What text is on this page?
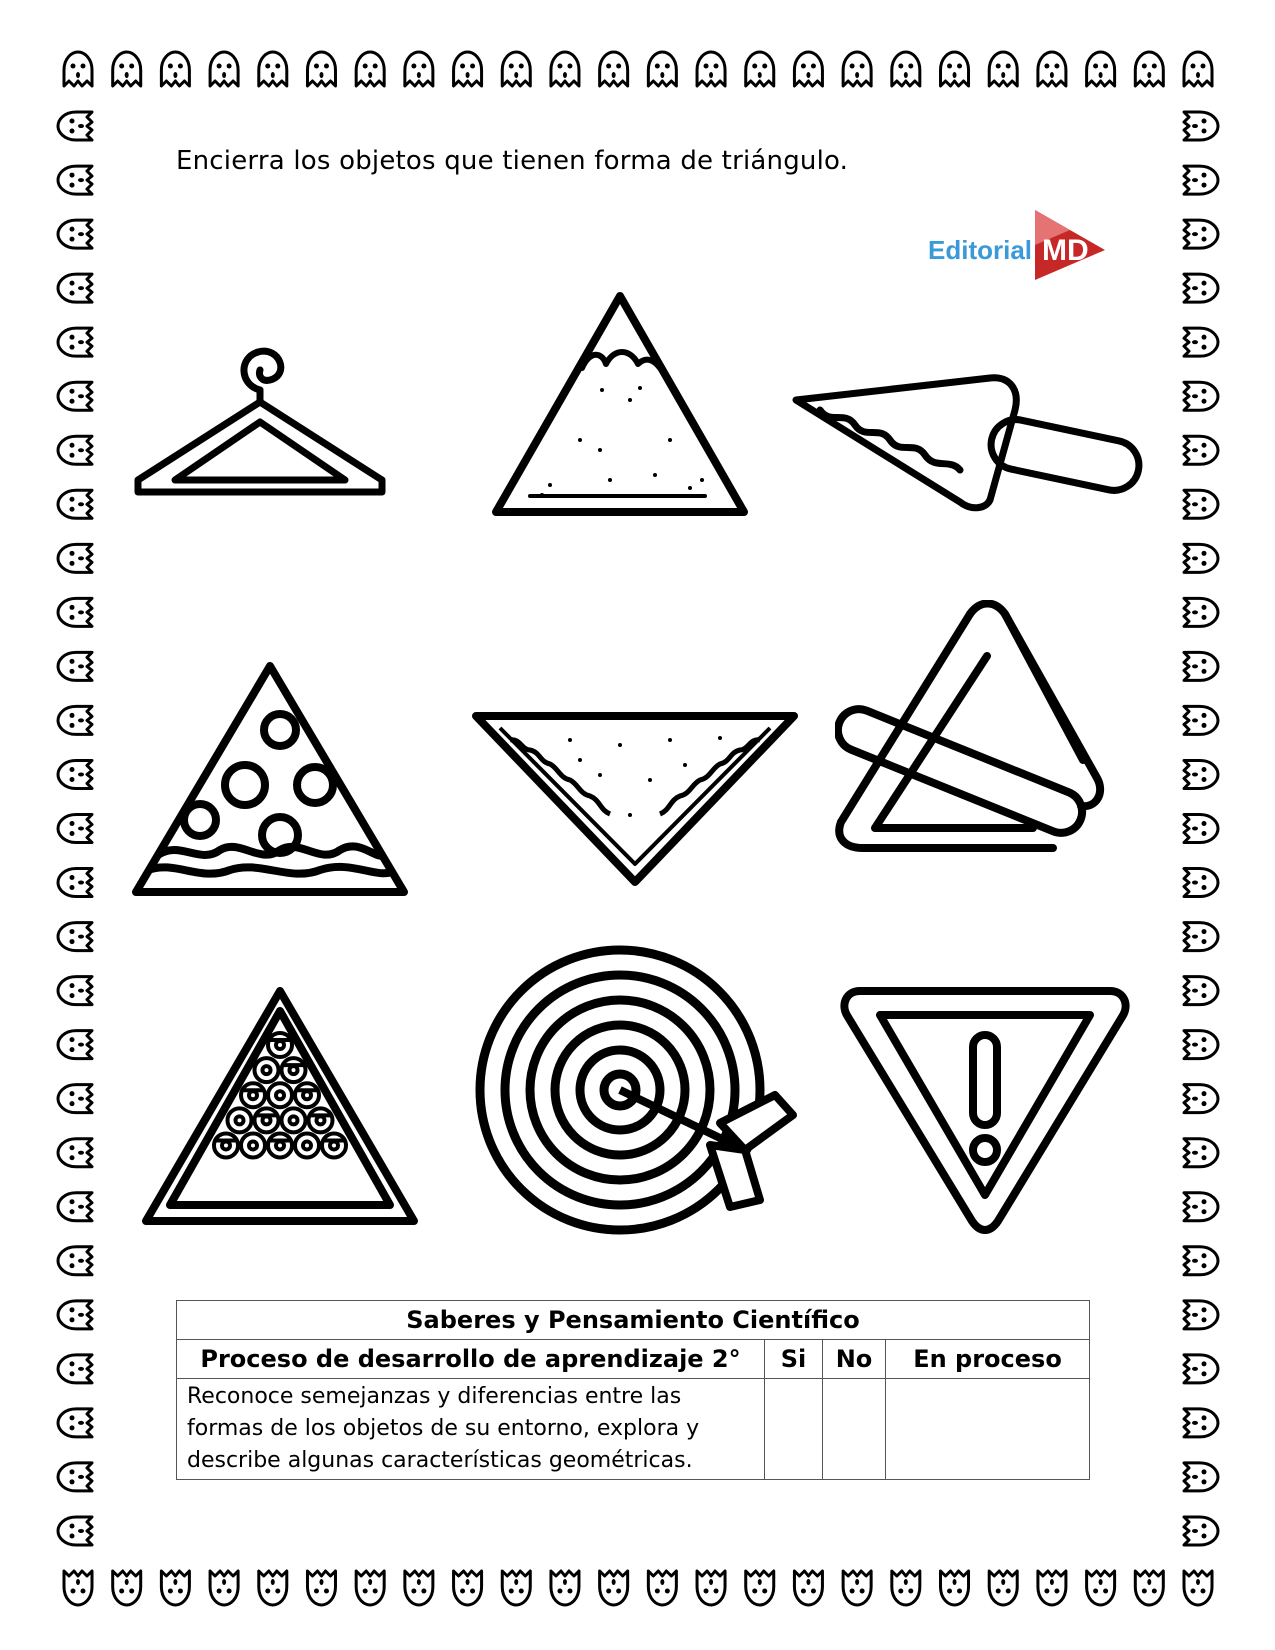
Encierra los objetos que tienen forma de triángulo.
Editorial MD
Saberes y Pensamiento Científico			
Proceso de desarrollo de aprendizaje 2°	Si	No	En proceso
Reconoce semejanzas y diferencias entre las formas de los objetos de su entorno, explora y describe algunas características geométricas.			
